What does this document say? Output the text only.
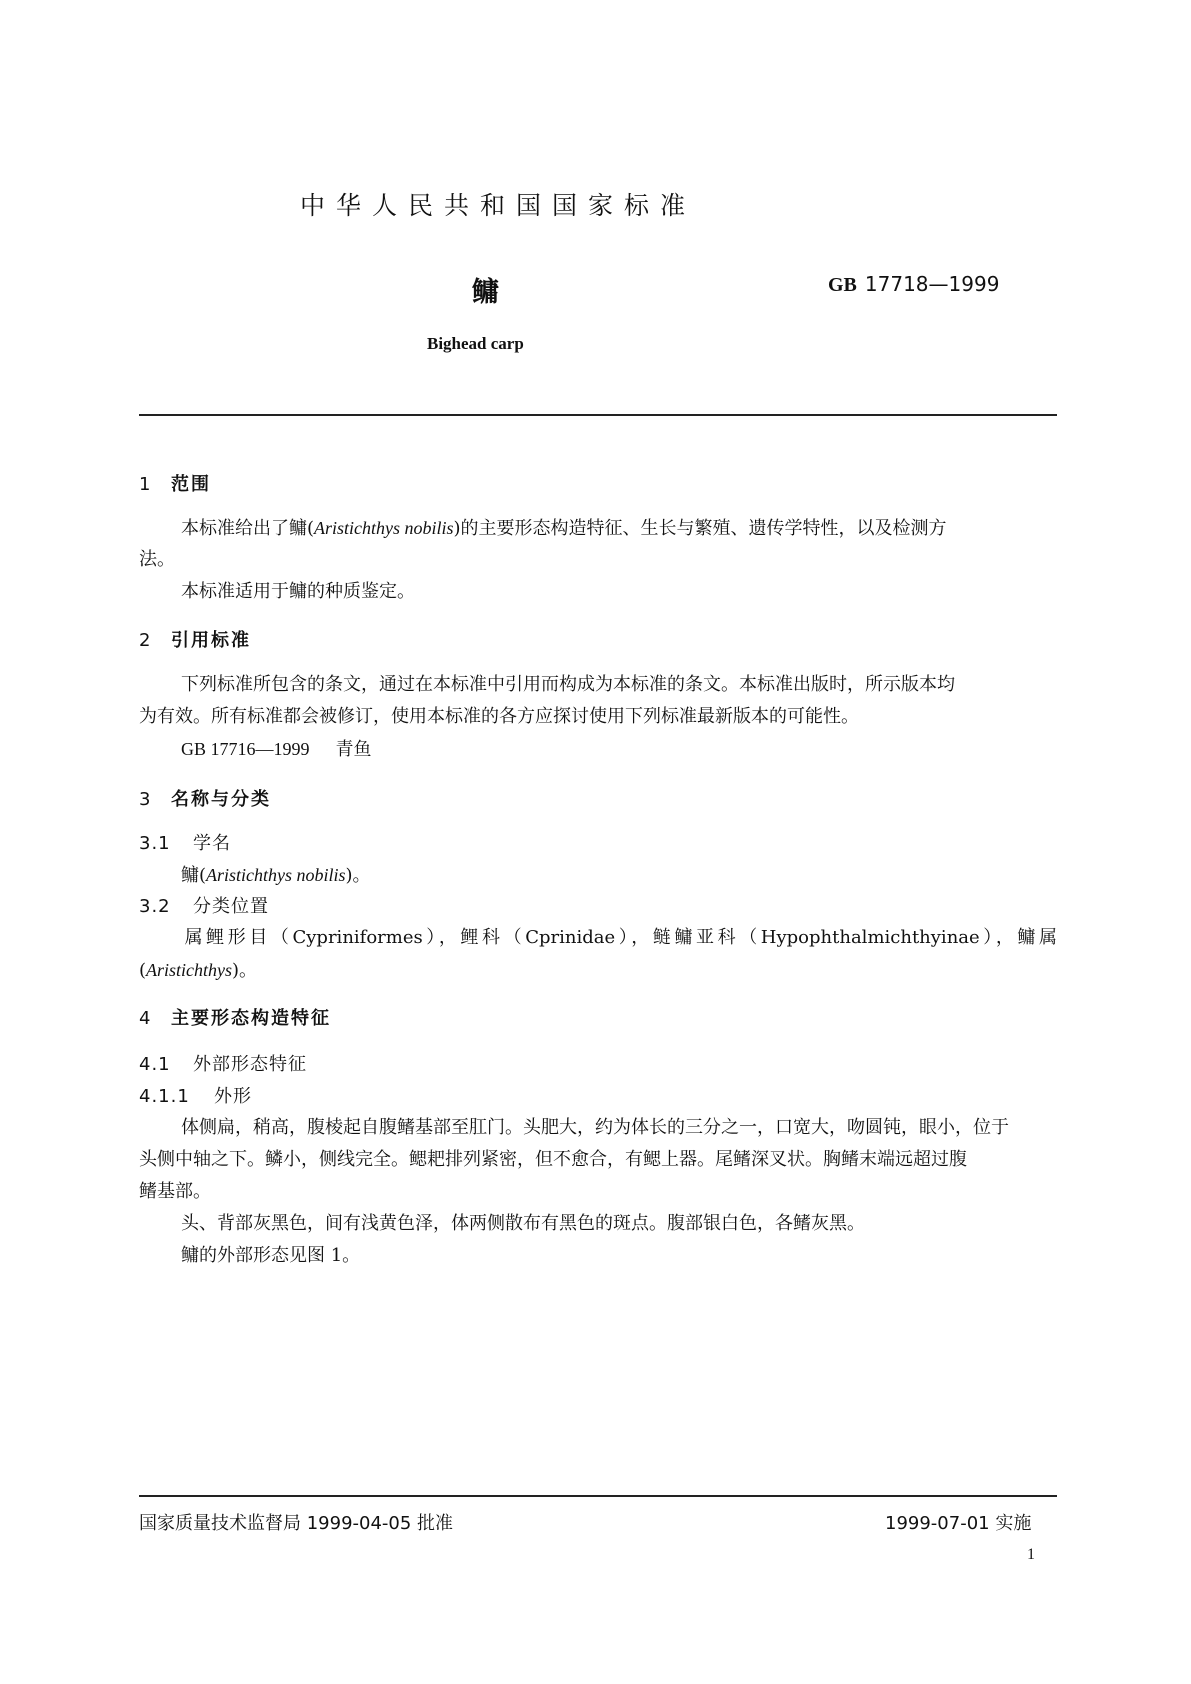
中华人民共和国国家标准
鳙	GB 17718—1999
Bighead carp
1 范围
本标准给出了鳙(Aristichthys nobilis)的主要形态构造特征、生长与繁殖、遗传学特性，以及检测方
法。
本标准适用于鳙的种质鉴定。
2 引用标准
下列标准所包含的条文，通过在本标准中引用而构成为本标准的条文。本标准出版时，所示版本均
为有效。所有标准都会被修订，使用本标准的各方应探讨使用下列标准最新版本的可能性。
GB 17716—1999 青鱼
3 名称与分类
3.1 学名
鳙(Aristichthys nobilis)。
3.2 分类位置
属鲤形目（Cypriniformes），鲤科（Cprinidae），鲢鳙亚科（Hypophthalmichthyinae），鳙属
(Aristichthys)。
4 主要形态构造特征
4.1 外部形态特征
4.1.1 外形
体侧扁，稍高，腹棱起自腹鳍基部至肛门。头肥大，约为体长的三分之一，口宽大，吻圆钝，眼小，位于
头侧中轴之下。鳞小，侧线完全。鳃耙排列紧密，但不愈合，有鳃上器。尾鳍深叉状。胸鳍末端远超过腹
鳍基部。
头、背部灰黑色，间有浅黄色泽，体两侧散布有黑色的斑点。腹部银白色，各鳍灰黑。
鳙的外部形态见图 1。
国家质量技术监督局 1999-04-05 批准	1999-07-01 实施
1
